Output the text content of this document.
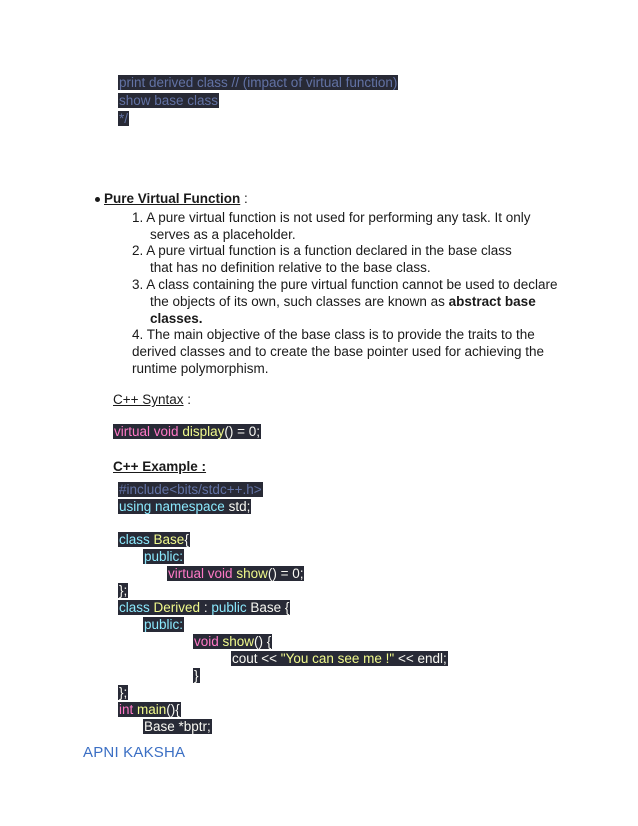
print derived class // (impact of virtual function)
show base class
*/
Pure Virtual Function :
1. A pure virtual function is not used for performing any task. It only
serves as a placeholder.
2. A pure virtual function is a function declared in the base class
that has no definition relative to the base class.
3. A class containing the pure virtual function cannot be used to declare
the objects of its own, such classes are known as abstract base
classes.
4. The main objective of the base class is to provide the traits to the
derived classes and to create the base pointer used for achieving the
runtime polymorphism.
C++ Syntax :
virtual void display() = 0;
C++ Example :
#include<bits/stdc++.h>
using namespace std;
class Base{
public:
virtual void show() = 0;
};
class Derived : public Base {
public:
void show() {
cout << "You can see me !" << endl;
}
};
int main(){
Base *bptr;
APNI KAKSHA
